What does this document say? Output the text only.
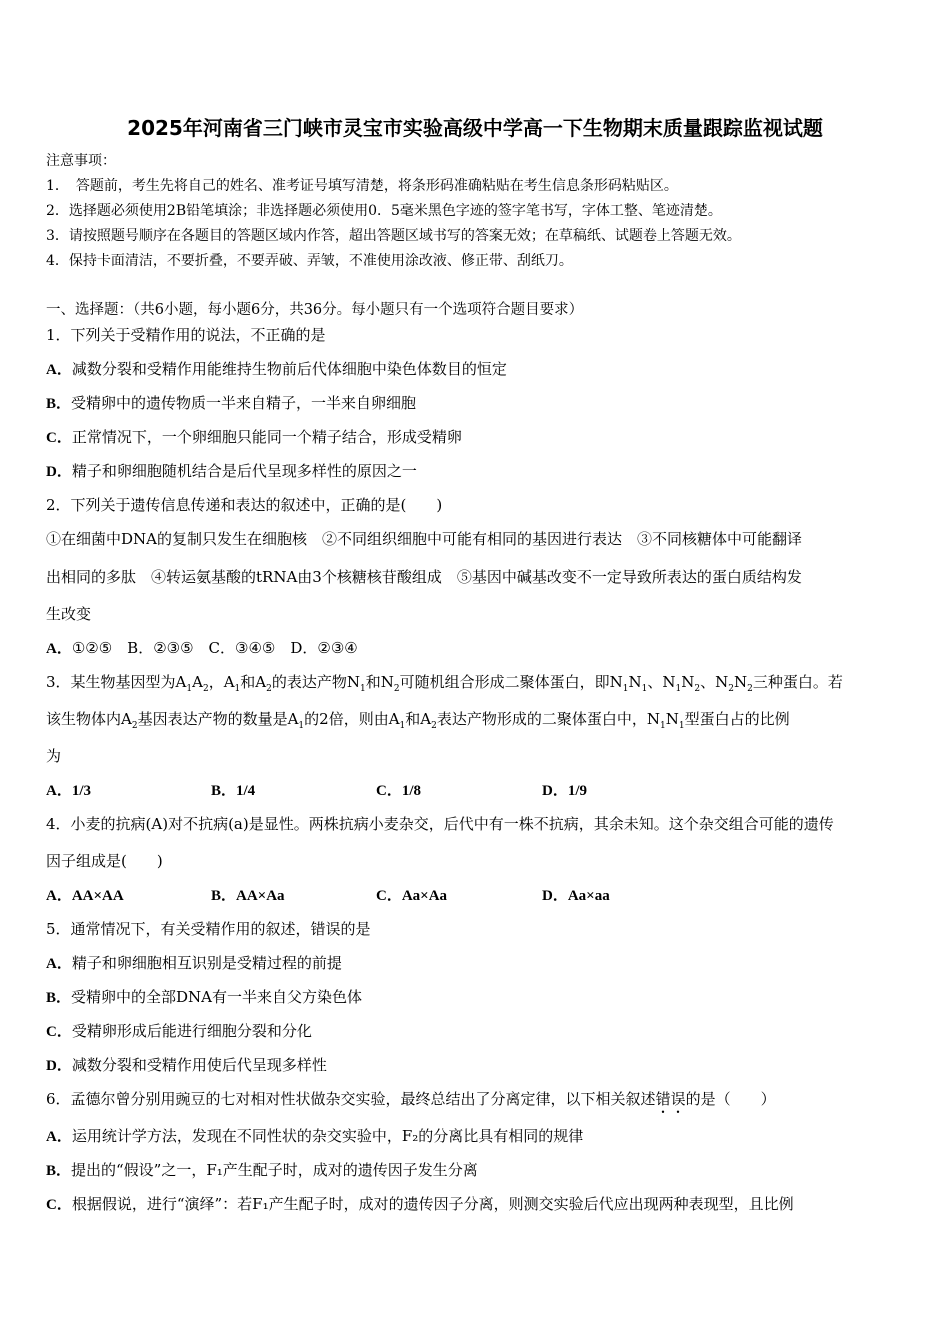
2025年河南省三门峡市灵宝市实验高级中学高一下生物期末质量跟踪监视试题
注意事项：
1．　答题前，考生先将自己的姓名、准考证号填写清楚，将条形码准确粘贴在考生信息条形码粘贴区。
2．选择题必须使用2B铅笔填涂；非选择题必须使用0．5毫米黑色字迹的签字笔书写，字体工整、笔迹清楚。
3．请按照题号顺序在各题目的答题区域内作答，超出答题区域书写的答案无效；在草稿纸、试题卷上答题无效。
4．保持卡面清洁，不要折叠，不要弄破、弄皱，不准使用涂改液、修正带、刮纸刀。
一、选择题：（共6小题，每小题6分，共36分。每小题只有一个选项符合题目要求）
1．下列关于受精作用的说法，不正确的是
A．减数分裂和受精作用能维持生物前后代体细胞中染色体数目的恒定
B．受精卵中的遗传物质一半来自精子，一半来自卵细胞
C．正常情况下，一个卵细胞只能同一个精子结合，形成受精卵
D．精子和卵细胞随机结合是后代呈现多样性的原因之一
2．下列关于遗传信息传递和表达的叙述中，正确的是(　　)
①在细菌中DNA的复制只发生在细胞核　②不同组织细胞中可能有相同的基因进行表达　③不同核糖体中可能翻译
出相同的多肽　④转运氨基酸的tRNA由3个核糖核苷酸组成　⑤基因中碱基改变不一定导致所表达的蛋白质结构发
生改变
A．①②⑤　B．②③⑤　C．③④⑤　D．②③④
3．某生物基因型为$A_1A_2$，$A_1$和$A_2$的表达产物$N_1$和$N_2$可随机组合形成二聚体蛋白，即$N_1N_1$、$N_1N_2$、$N_2N_2$三种蛋白。若
该生物体内$A_2$基因表达产物的数量是$A_1$的2倍，则由$A_1$和$A_2$表达产物形成的二聚体蛋白中，$N_1N_1$型蛋白占的比例
为
A．1/3	B．1/4	C．1/8	D．1/9
4．小麦的抗病(A)对不抗病(a)是显性。两株抗病小麦杂交，后代中有一株不抗病，其余未知。这个杂交组合可能的遗传
因子组成是(　　)
A．AA×AA	B．AA×Aa	C．Aa×Aa	D．Aa×aa
5．通常情况下，有关受精作用的叙述，错误的是
A．精子和卵细胞相互识别是受精过程的前提
B．受精卵中的全部DNA有一半来自父方染色体
C．受精卵形成后能进行细胞分裂和分化
D．减数分裂和受精作用使后代呈现多样性
6．孟德尔曾分别用豌豆的七对相对性状做杂交实验，最终总结出了分离定律，以下相关叙述错误的是（　　）
A．运用统计学方法，发现在不同性状的杂交实验中，F₂的分离比具有相同的规律
B．提出的“假设”之一，F₁产生配子时，成对的遗传因子发生分离
C．根据假说，进行“演绎”：若F₁产生配子时，成对的遗传因子分离，则测交实验后代应出现两种表现型，且比例
